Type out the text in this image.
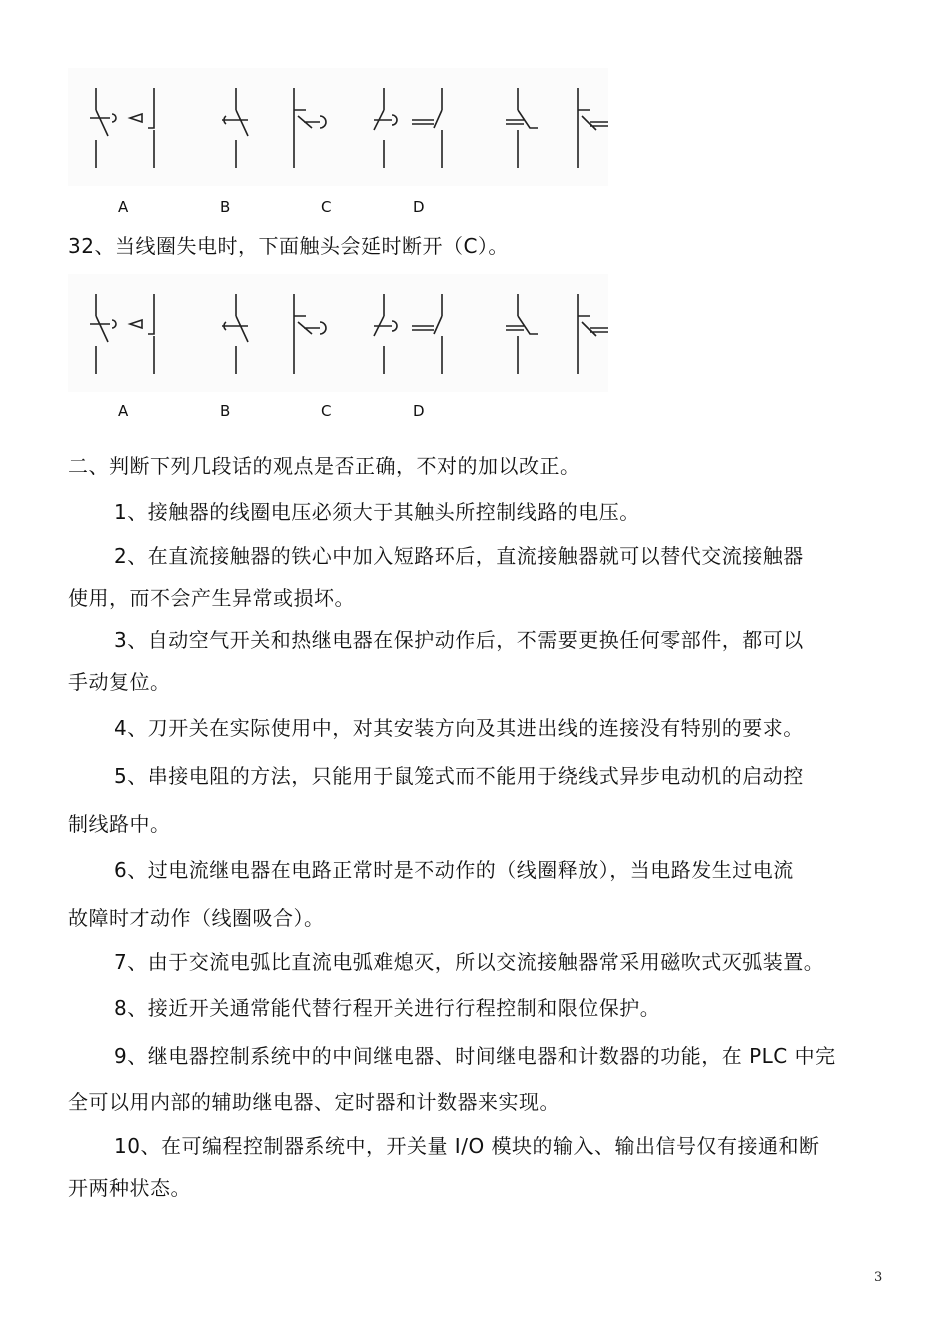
A	B	C	D
32、当线圈失电时，下面触头会延时断开（C）。
A	B	C	D
二、判断下列几段话的观点是否正确，不对的加以改正。
1、接触器的线圈电压必须大于其触头所控制线路的电压。
2、在直流接触器的铁心中加入短路环后，直流接触器就可以替代交流接触器
使用，而不会产生异常或损坏。
3、自动空气开关和热继电器在保护动作后，不需要更换任何零部件，都可以
手动复位。
4、刀开关在实际使用中，对其安装方向及其进出线的连接没有特别的要求。
5、串接电阻的方法，只能用于鼠笼式而不能用于绕线式异步电动机的启动控
制线路中。
6、过电流继电器在电路正常时是不动作的（线圈释放），当电路发生过电流
故障时才动作（线圈吸合）。
7、由于交流电弧比直流电弧难熄灭，所以交流接触器常采用磁吹式灭弧装置。
8、接近开关通常能代替行程开关进行行程控制和限位保护。
9、继电器控制系统中的中间继电器、时间继电器和计数器的功能，在 PLC 中完
全可以用内部的辅助继电器、定时器和计数器来实现。
10、在可编程控制器系统中，开关量 I/O 模块的输入、输出信号仅有接通和断
开两种状态。
3
